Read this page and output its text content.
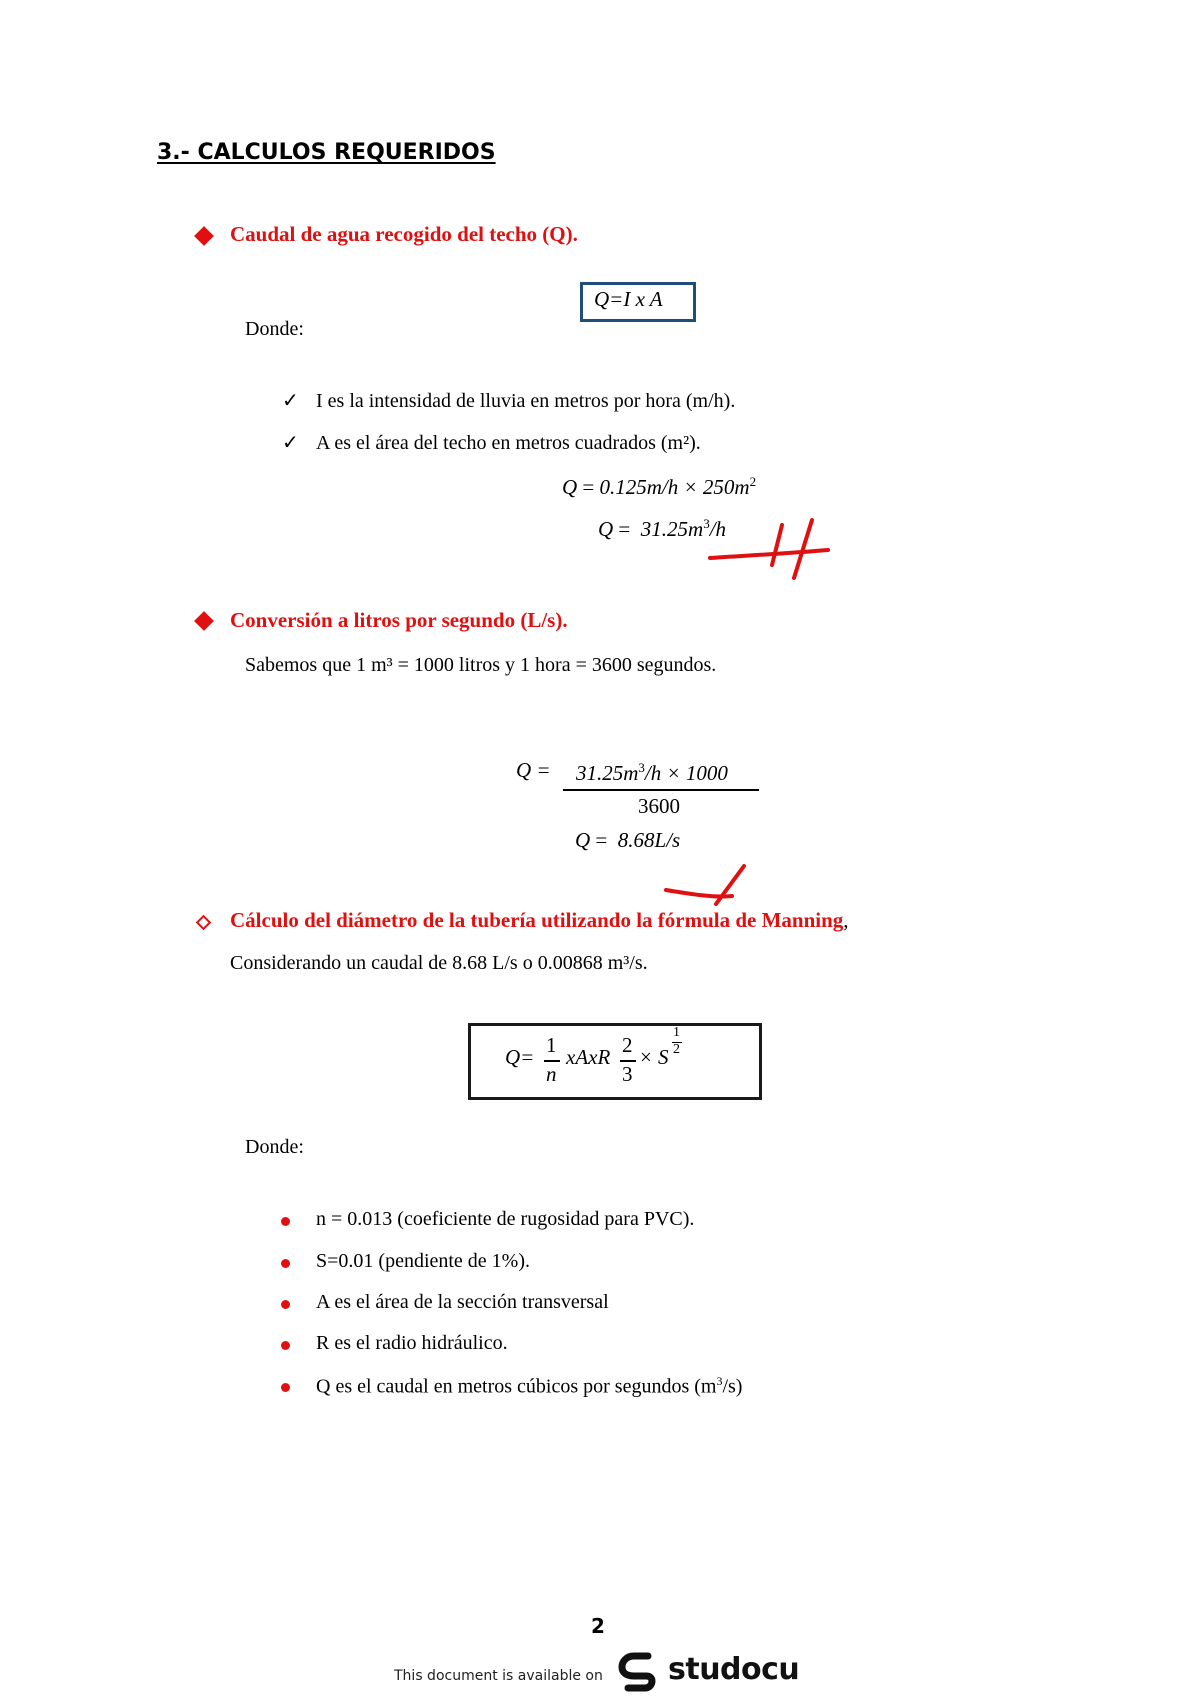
3.- CALCULOS REQUERIDOS
Caudal de agua recogido del techo (Q).
Q=I x A
Donde:
✓ I es la intensidad de lluvia en metros por hora (m/h).
✓ A es el área del techo en metros cuadrados (m²).
$Q = 0.125m/h \times 250m^2$
$Q = 31.25m^3/h$
Conversión a litros por segundo (L/s).
Sabemos que 1 m³ = 1000 litros y 1 hora = 3600 segundos.
$Q = 31.25m^3/h \times 1000$
3600
Q =  8.68L/s
Cálculo del diámetro de la tubería utilizando la fórmula de Manning,
Considerando un caudal de 8.68 L/s o 0.00868 m³/s.
Q= 1
n
xAxR 2
3
× S
1
2
Donde:
n = 0.013 (coeficiente de rugosidad para PVC).
S=0.01 (pendiente de 1%).
A es el área de la sección transversal
R es el radio hidráulico.
Q es el caudal en metros cúbicos por segundos $(m^3/s)$
2
This document is available on studocu
